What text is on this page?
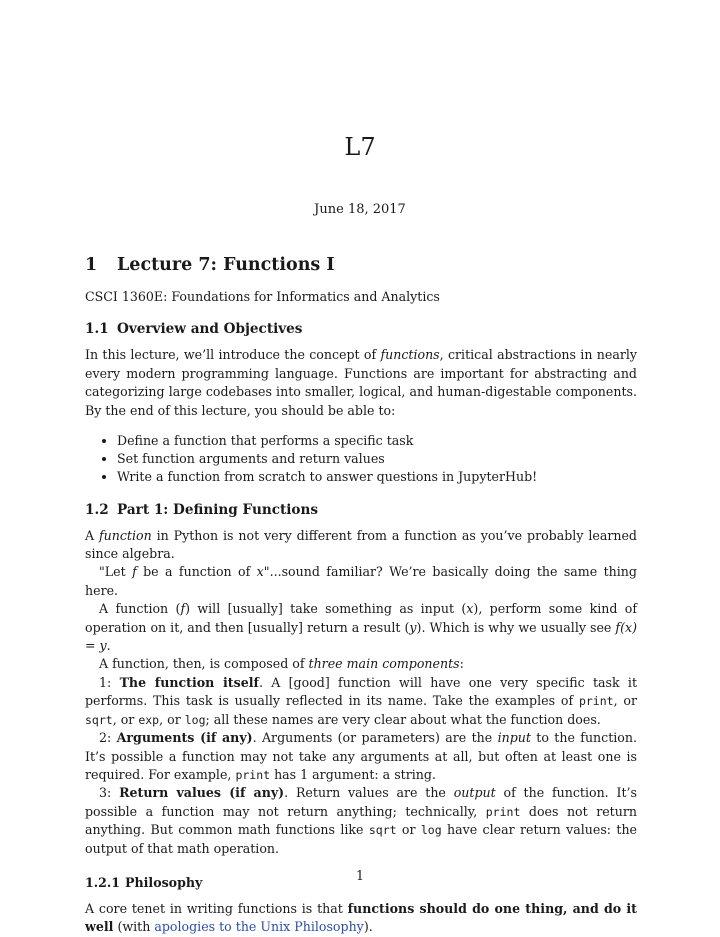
L7
June 18, 2017
1 Lecture 7: Functions I

CSCI 1360E: Foundations for Informatics and Analytics

1.1 Overview and Objectives

In this lecture, we’ll introduce the concept of functions, critical abstractions in nearly every modern programming language. Functions are important for abstracting and categorizing large codebases into smaller, logical, and human-digestable components. By the end of this lecture, you should be able to:

• Define a function that performs a specific task
• Set function arguments and return values
• Write a function from scratch to answer questions in JupyterHub!
1.2 Part 1: Defining Functions

A function in Python is not very different from a function as you’ve probably learned since algebra.

"Let f be a function of x"...sound familiar? We’re basically doing the same thing here.

A function (f) will [usually] take something as input (x), perform some kind of operation on it, and then [usually] return a result (y). Which is why we usually see f(x) = y.

A function, then, is composed of three main components:

1: The function itself. A [good] function will have one very specific task it performs. This task is usually reflected in its name. Take the examples of print, or sqrt, or exp, or log; all these names are very clear about what the function does.

2: Arguments (if any). Arguments (or parameters) are the input to the function. It’s possible a function may not take any arguments at all, but often at least one is required. For example, print has 1 argument: a string.

3: Return values (if any). Return values are the output of the function. It’s possible a function may not return anything; technically, print does not return anything. But common math functions like sqrt or log have clear return values: the output of that math operation.

1.2.1 Philosophy

A core tenet in writing functions is that functions should do one thing, and do it well (with apologies to the Unix Philosophy).

1
